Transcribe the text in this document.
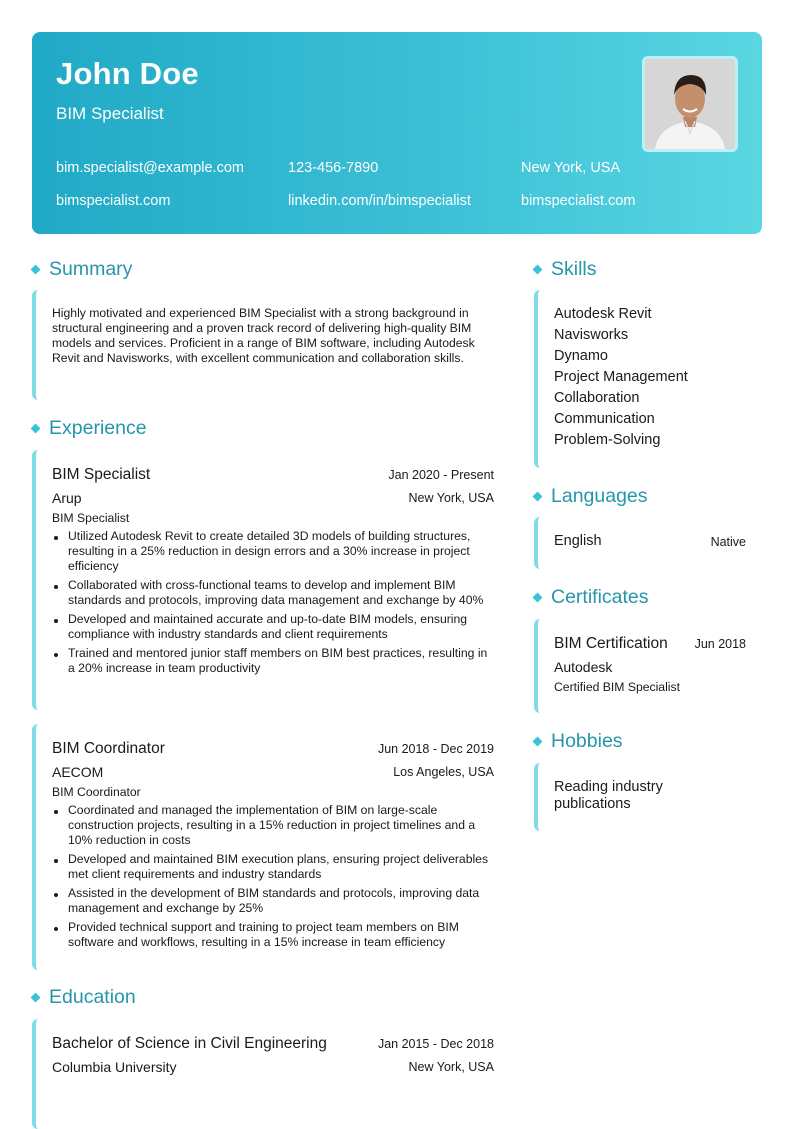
John Doe
BIM Specialist
bim.specialist@example.com	123-456-7890	New York, USA
bimspecialist.com	linkedin.com/in/bimspecialist	bimspecialist.com
Summary
Highly motivated and experienced BIM Specialist with a strong background in structural engineering and a proven track record of delivering high-quality BIM models and services. Proficient in a range of BIM software, including Autodesk Revit and Navisworks, with excellent communication and collaboration skills.
Experience
BIM Specialist	Jan 2020 - Present
Arup	New York, USA
BIM Specialist
Utilized Autodesk Revit to create detailed 3D models of building structures, resulting in a 25% reduction in design errors and a 30% increase in project efficiency
Collaborated with cross-functional teams to develop and implement BIM standards and protocols, improving data management and exchange by 40%
Developed and maintained accurate and up-to-date BIM models, ensuring compliance with industry standards and client requirements
Trained and mentored junior staff members on BIM best practices, resulting in a 20% increase in team productivity
BIM Coordinator	Jun 2018 - Dec 2019
AECOM	Los Angeles, USA
BIM Coordinator
Coordinated and managed the implementation of BIM on large-scale construction projects, resulting in a 15% reduction in project timelines and a 10% reduction in costs
Developed and maintained BIM execution plans, ensuring project deliverables met client requirements and industry standards
Assisted in the development of BIM standards and protocols, improving data management and exchange by 25%
Provided technical support and training to project team members on BIM software and workflows, resulting in a 15% increase in team efficiency
Education
Bachelor of Science in Civil Engineering	Jan 2015 - Dec 2018
Columbia University	New York, USA
Skills
Autodesk Revit
Navisworks
Dynamo
Project Management
Collaboration
Communication
Problem-Solving
Languages
English	Native
Certificates
BIM Certification Jun 2018
Autodesk
Certified BIM Specialist
Hobbies
Reading industry publications
